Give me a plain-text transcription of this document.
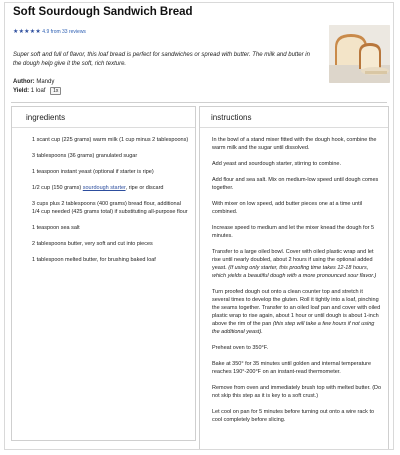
Soft Sourdough Sandwich Bread
★★★★★ 4.9 from 33 reviews
Super soft and full of flavor, this loaf bread is perfect for sandwiches or spread with butter. The milk and butter in the dough help give it the soft, rich texture.
Author: Mandy
Yield: 1 loaf 1x
ingredients
1 scant cup (225 grams) warm milk (1 cup minus 2 tablespoons)
3 tablespoons (36 grams) granulated sugar
1 teaspoon instant yeast (optional if starter is ripe)
1/2 cup (150 grams) sourdough starter, ripe or discard
3 cups plus 2 tablespoons (400 grams) bread flour, additional 1/4 cup needed (425 grams total) if substituting all-purpose flour
1 teaspoon sea salt
2 tablespoons butter, very soft and cut into pieces
1 tablespoon melted butter, for brushing baked loaf
instructions
In the bowl of a stand mixer fitted with the dough hook, combine the warm milk and the sugar until dissolved.
Add yeast and sourdough starter, stirring to combine.
Add flour and sea salt. Mix on medium-low speed until dough comes together.
With mixer on low speed, add butter pieces one at a time until combined.
Increase speed to medium and let the mixer knead the dough for 5 minutes.
Transfer to a large oiled bowl. Cover with oiled plastic wrap and let rise until nearly doubled, about 2 hours if using the optional added yeast. (If using only starter, this proofing time takes 12-18 hours, which yields a beautiful dough with a more pronounced sour flavor.)
Turn proofed dough out onto a clean counter top and stretch it several times to develop the gluten. Roll it tightly into a loaf, pinching the seams together. Transfer to an oiled loaf pan and cover with oiled plastic wrap to rise again, about 1 hour or until dough is about 1-inch above the rim of the pan (this step will take a few hours if not using the additional yeast).
Preheat oven to 350°F.
Bake at 350° for 35 minutes until golden and internal temperature reaches 190°-200°F on an instant-read thermometer.
Remove from oven and immediately brush top with melted butter. (Do not skip this step as it is key to a soft crust.)
Let cool on pan for 5 minutes before turning out onto a wire rack to cool completely before slicing.
